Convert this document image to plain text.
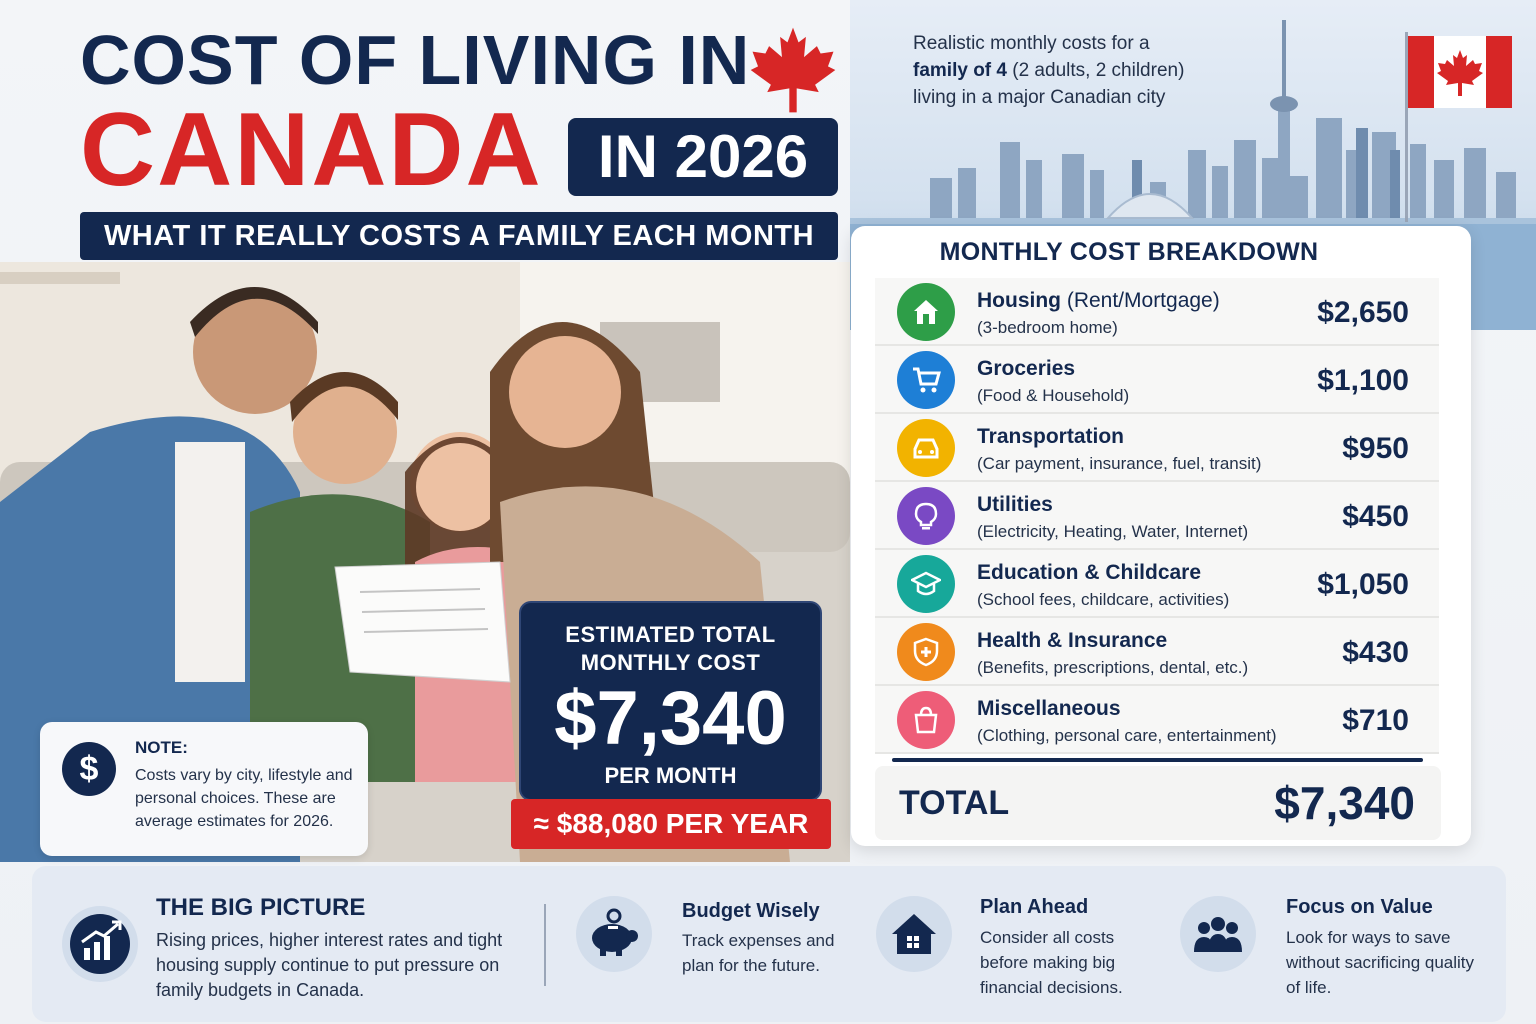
COST OF LIVING IN
CANADA IN 2026
WHAT IT REALLY COSTS A FAMILY EACH MONTH
Realistic monthly costs for a
family of 4 (2 adults, 2 children)
living in a major Canadian city
$
NOTE:
Costs vary by city, lifestyle and personal choices. These are average estimates for 2026.
ESTIMATED TOTAL
MONTHLY COST
$7,340
PER MONTH
≈ $88,080 PER YEAR
MONTHLY COST BREAKDOWN
Housing (Rent/Mortgage)
(3-bedroom home)	$2,650
Groceries
(Food & Household)	$1,100
Transportation
(Car payment, insurance, fuel, transit)	$950
Utilities
(Electricity, Heating, Water, Internet)	$450
Education & Childcare
(School fees, childcare, activities)	$1,050
Health & Insurance
(Benefits, prescriptions, dental, etc.)	$430
Miscellaneous
(Clothing, personal care, entertainment) $710
TOTAL	$7,340
THE BIG PICTURE
Rising prices, higher interest rates and tight housing supply continue to put pressure on family budgets in Canada.
Budget Wisely
Track expenses and plan for the future.
Plan Ahead
Consider all costs before making big financial decisions.
Focus on Value
Look for ways to save without sacrificing quality of life.
